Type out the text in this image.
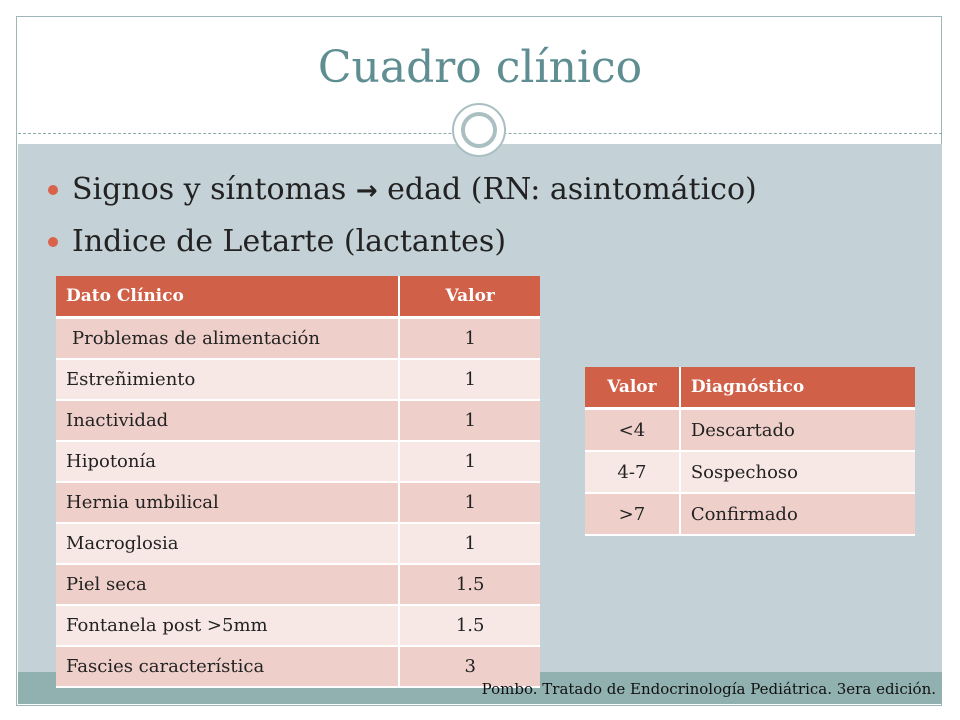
Cuadro clínico
Signos y síntomas → edad (RN: asintomático)
Indice de Letarte (lactantes)
Dato Clínico	Valor
Problemas de alimentación	1
Estreñimiento	1
Inactividad	1
Hipotonía	1
Hernia umbilical	1
Macroglosia	1
Piel seca	1.5
Fontanela post >5mm	1.5
Fascies característica	3
Valor	Diagnóstico
<4	Descartado
4-7	Sospechoso
>7	Confirmado
Pombo. Tratado de Endocrinología Pediátrica. 3era edición.
